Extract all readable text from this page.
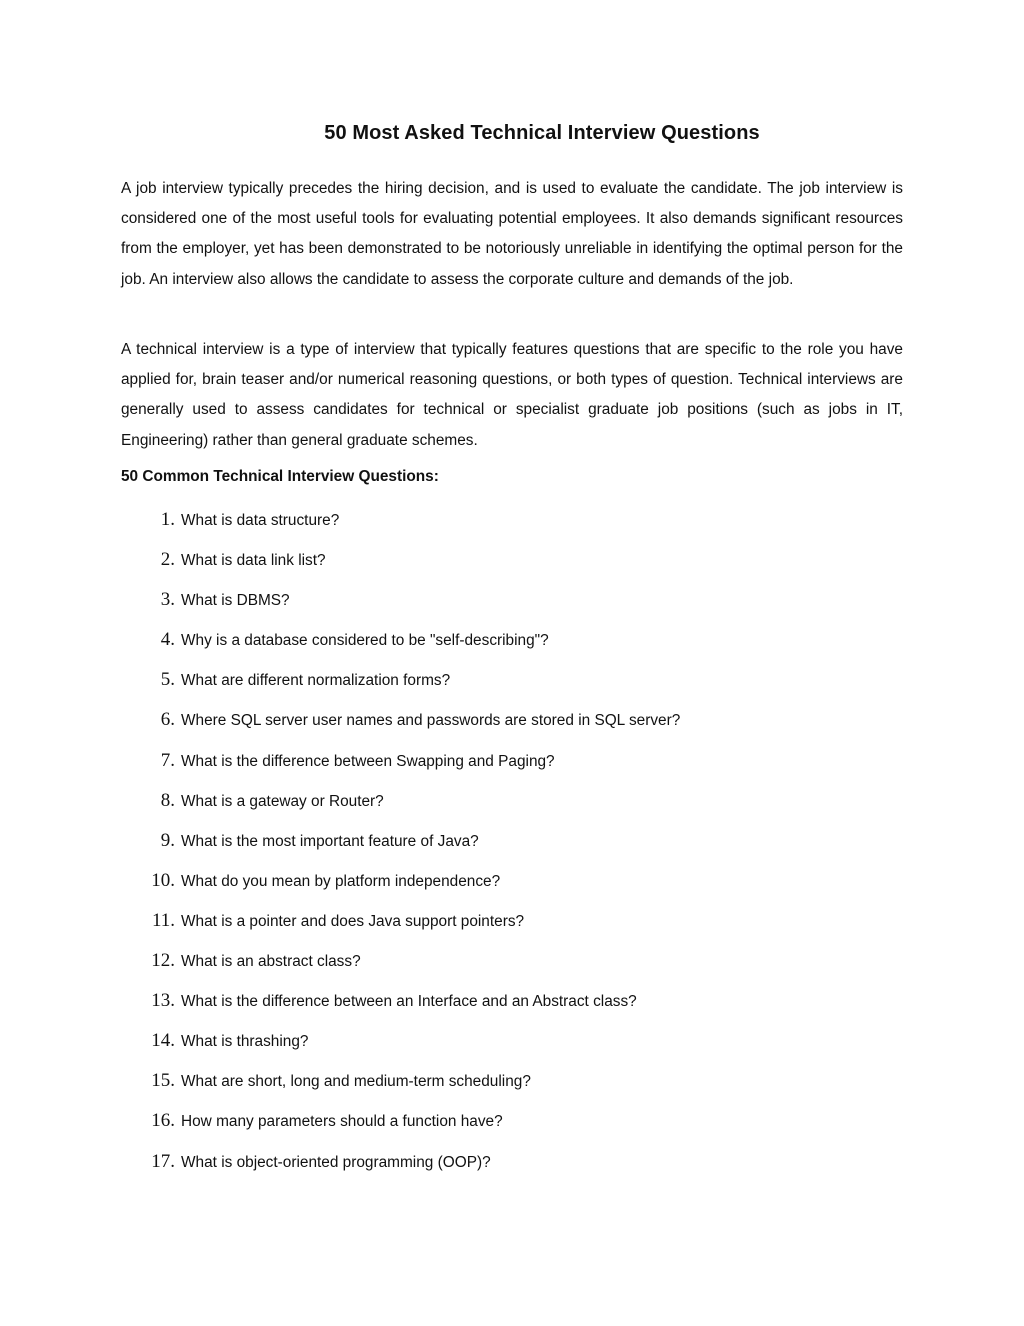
50 Most Asked Technical Interview Questions

A job interview typically precedes the hiring decision, and is used to evaluate the candidate. The job interview is considered one of the most useful tools for evaluating potential employees. It also demands significant resources from the employer, yet has been demonstrated to be notoriously unreliable in identifying the optimal person for the job. An interview also allows the candidate to assess the corporate culture and demands of the job.

A technical interview is a type of interview that typically features questions that are specific to the role you have applied for, brain teaser and/or numerical reasoning questions, or both types of question. Technical interviews are generally used to assess candidates for technical or specialist graduate job positions (such as jobs in IT, Engineering) rather than general graduate schemes.

50 Common Technical Interview Questions:
1. What is data structure?
2. What is data link list?
3. What is DBMS?
4. Why is a database considered to be "self-describing"?
5. What are different normalization forms?
6. Where SQL server user names and passwords are stored in SQL server?
7. What is the difference between Swapping and Paging?
8. What is a gateway or Router?
9. What is the most important feature of Java?
10. What do you mean by platform independence?
11. What is a pointer and does Java support pointers?
12. What is an abstract class?
13. What is the difference between an Interface and an Abstract class?
14. What is thrashing?
15. What are short, long and medium-term scheduling?
16. How many parameters should a function have?
17. What is object-oriented programming (OOP)?
